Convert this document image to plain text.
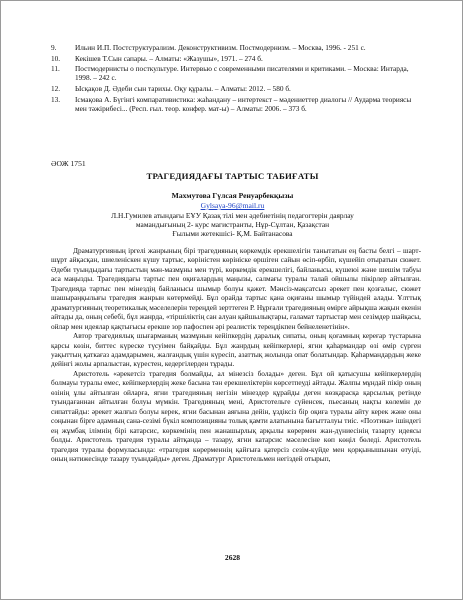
9.	Ильин И.П. Постструктурализм. Деконструктивизм. Постмодернизм. – Москва, 1996. - 251 с.
10.	Кекішев Т.Сын сапары. – Алматы: «Жазушы», 1971. – 274 б.
11.	Постмодернисты о посткультуре. Интервью с современными писателями и критиками. – Москва: Интарда, 1998. – 242 с.
12.	Ысқақов Д. Әдеби сын тарихы. Оқу құралы. – Алматы: 2012. – 580 б.
13.	Ісмақова А. Бүгінгі компаративистика: жаһандану – интертекст – мәдениеттер диалогы // Аударма теориясы мен тәжірибесі... (Респ. ғыл. теор. конфер. мат-ы) – Алматы: 2006. – 373 б.
ӘОЖ 1751
ТРАГЕДИЯДАҒЫ ТАРТЫС ТАБИҒАТЫ
Махмутова Гүлсая Ренуарбекқызы
Gylsaya-96@mail.ru
Л.Н.Гумилев атындағы ЕҰУ Қазақ тілі мен әдебиетінің педагогтерін даярлау
мамандығының 2- курс магистранты, Нұр-Сұлтан, Қазақстан
Ғылыми жетекшісі- Қ.М. Байтанасова

Драматургияның іргелі жанрының бірі трагедияның көркемдік ерекшелігін танытатын ең басты белгі – шарт-шұрт айқасқан, шиеленіскен күшу тартыс, көріністен көрініске өршіген сайын өсіп-өрбіп, күшейіп отыратын сюжет. Әдеби туындыдағы тартыстың мән-мазмұны мен түрі, көркемдік ерекшелігі, байланысы, күшеюі және шешім табуы аса маңызды. Трагедиядағы тартыс пен оқиғалардың маңызы, салмағы туралы талай ойшылы пікірлер айтылған. Трагедияда тартыс пен мінездің байланысы шымыр болуы қажет. Мәнсіз-мақсатсыз әрекет пен қозғалыс, сюжет шашыраңқылығы трагедия жанрын көтермейді. Бұл орайда тартыс қана оқиғаны шымыр түйіндей алады. Ұлттық драматургияның теоретикалық мәселелерін тереңдей зерттеген Р. Нұрғали трагедияның өмірге айрықша жақын екенін айтады да, оның себебі, бұл жанрда, «тіршіліктің сан алуан қайшылықтары, ғаламат тартыстар мен сезімдер шайқасы, ойлар мен идеялар қақтығысы ерекше зор пафоспен әрі реалистік тереңдікпен бейнеленетінін».

Автор трагедиялық шығарманың мазмұнын кейіпкердің даралық сипаты, оның қоғамның кереғар түстарына қарсы көзін, биттес күреске түсуімен байқайды. Бұл жанрдың кейіпкерлері, ягни қаһармандар өзі өмір сүрген уақыттың қаткағаз адамдарымен, жалғандық үшін күресіп, азаттық жолында опат болатындар. Қаһармандардың жеке дейінгі жолы арпалыстан, күрестен, кедергілерден тұрады.

Аристотель «әрекетсіз трагедия болмайды, ал мінезсіз болады» деген. Бұл ой қатысушы кейіпкерлердің болмауы туралы емес, кейіпкерлердің жеке басына тән ерекшеліктерін көрсетпеуді айтады. Жалпы мұндай пікір оның өзінің ұлы айтылған ойларға, ягни трагедияның негізін мінездер құрайды деген көзқарасқа қарсылық ретінде туындағаннан айтылған болуы мүмкін. Трагедияның мені, Аристотельге сүйенсек, пьесаның нақты көлемін де сипаттайды: әрекет жалғыз болуы керек, ягни басынан аяғына дейін, ұздіксіз бір оқиға туралы айту керек және оны соңынан бірге адамның сана-сезімі бүкіл композицияны толық қамти алатынына бағытталуы тиіс. «Поэтика» ішіндегі ең жұмбақ ілімнің бірі катарсис, көркемінің пен жанашырлық арқылы көрермен жан-дүниесінің тазарту идеясы болды. Аристотель трагедия туралы айтқанда – тазару, ягни катарсис мәселесіне көп көңіл бөледі. Аристотель трагедия туралы формуласында: «трагедия көрерменнің қайғыға қатерсіз сезім-күйде мен қорқынышынан өтуіді, оның нәтижесінде тазару туындайды» деген. Драматург Аристотельмен негіздей отырып,

2628
